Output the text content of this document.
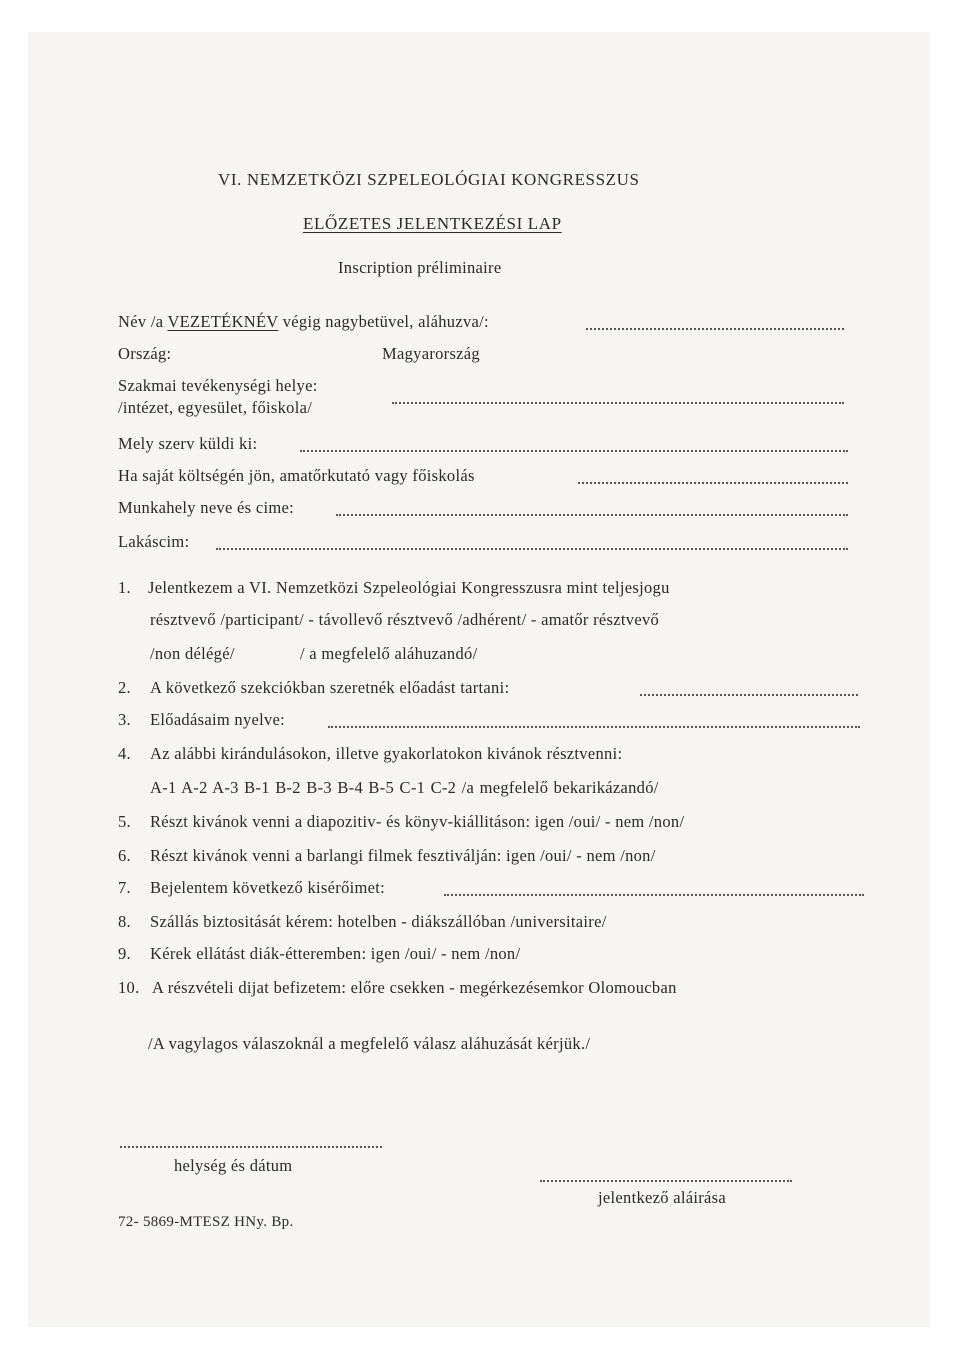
VI. NEMZETKÖZI SZPELEOLÓGIAI KONGRESSZUS
ELŐZETES JELENTKEZÉSI LAP
Inscription préliminaire
Név /a VEZETÉKNÉV végig nagybetüvel, aláhuzva/:
Ország:	Magyarország
Szakmai tevékenységi helye:
/intézet, egyesület, főiskola/
Mely szerv küldi ki:
Ha saját költségén jön, amatőrkutató vagy főiskolás
Munkahely neve és cime:
Lakáscim:
1. Jelentkezem a VI. Nemzetközi Szpeleológiai Kongresszusra mint teljesjogu
résztvevő /participant/ - távollevő résztvevő /adhérent/ - amatőr résztvevő
/non délégé/	/ a megfelelő aláhuzandó/
2. A következő szekciókban szeretnék előadást tartani:
3. Előadásaim nyelve:
4. Az alábbi kirándulásokon, illetve gyakorlatokon kivánok résztvenni:
A-1 A-2 A-3 B-1 B-2 B-3 B-4 B-5 C-1 C-2 /a megfelelő bekarikázandó/
5. Részt kivánok venni a diapozitiv- és könyv-kiállitáson: igen /oui/ - nem /non/
6. Részt kivánok venni a barlangi filmek fesztiválján: igen /oui/ - nem /non/
7. Bejelentem következő kisérőimet:
8. Szállás biztositását kérem: hotelben - diákszállóban /universitaire/
9. Kérek ellátást diák-étteremben: igen /oui/ - nem /non/
10. A részvételi dijat befizetem: előre csekken - megérkezésemkor Olomoucban
/A vagylagos válaszoknál a megfelelő válasz aláhuzását kérjük./
helység és dátum
jelentkező aláirása
72- 5869-MTESZ HNy. Bp.
